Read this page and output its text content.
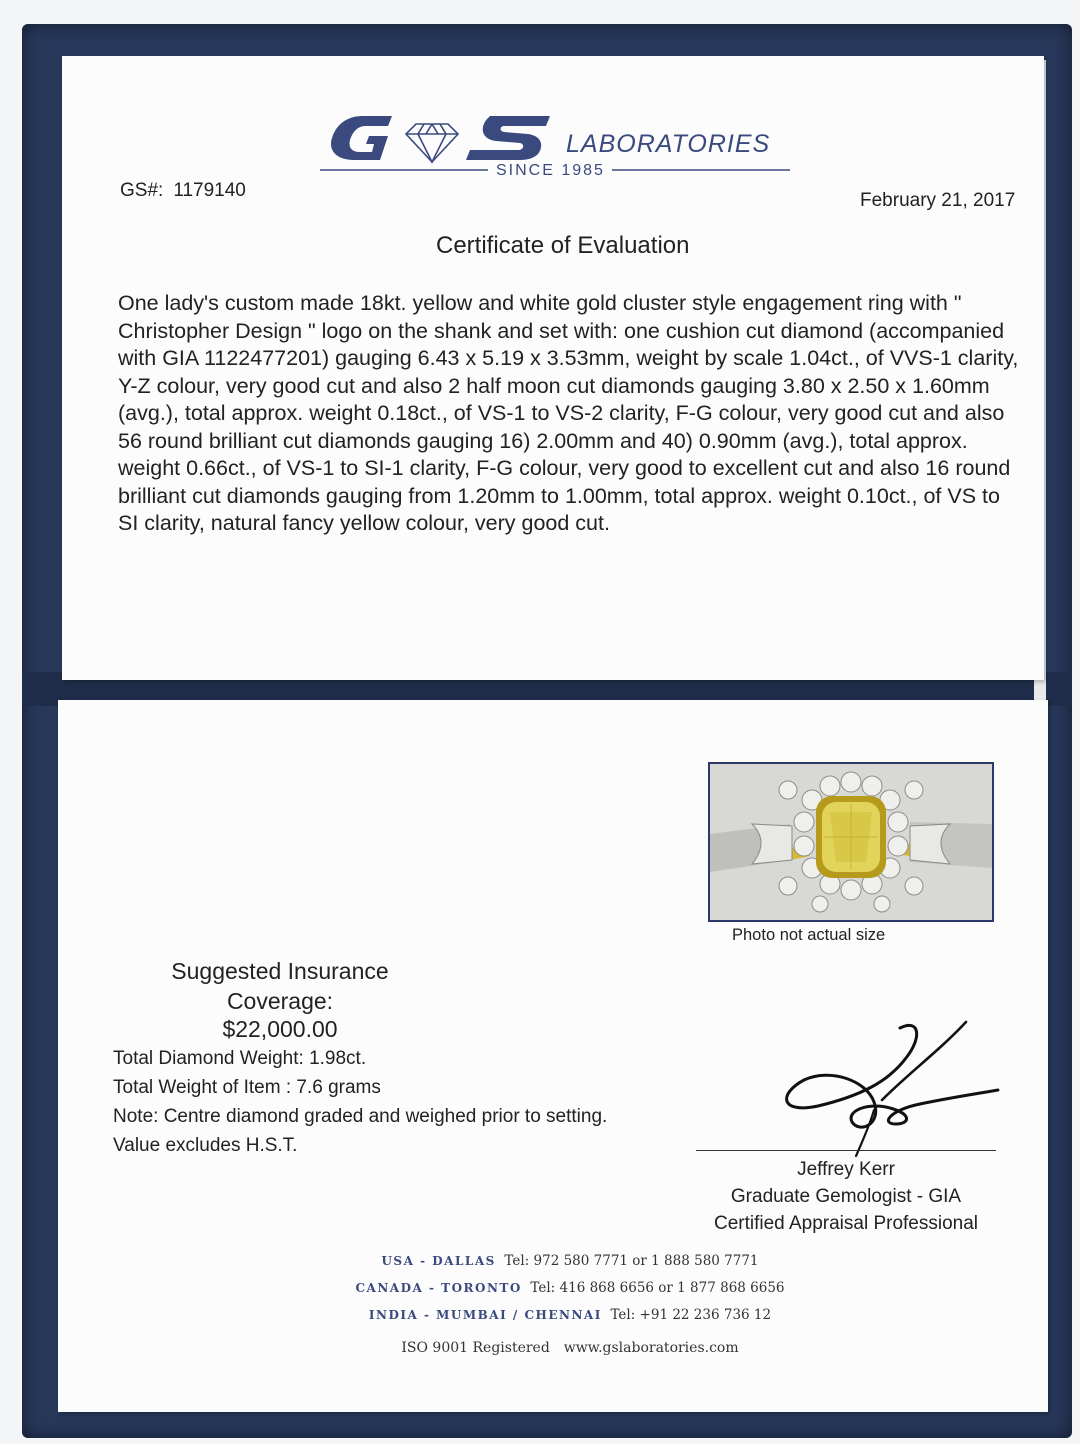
LABORATORIES
SINCE 1985
GS#: 1179140	February 21, 2017
Certificate of Evaluation
One lady's custom made 18kt. yellow and white gold cluster style engagement ring with " Christopher Design " logo on the shank and set with: one cushion cut diamond (accompanied with GIA 1122477201) gauging 6.43 x 5.19 x 3.53mm, weight by scale 1.04ct., of VVS-1 clarity, Y-Z colour, very good cut and also 2 half moon cut diamonds gauging 3.80 x 2.50 x 1.60mm (avg.), total approx. weight 0.18ct., of VS-1 to VS-2 clarity, F-G colour, very good cut and also 56 round brilliant cut diamonds gauging 16) 2.00mm and 40) 0.90mm (avg.), total approx. weight 0.66ct., of VS-1 to SI-1 clarity, F-G colour, very good to excellent cut and also 16 round brilliant cut diamonds gauging from 1.20mm to 1.00mm, total approx. weight 0.10ct., of VS to SI clarity, natural fancy yellow colour, very good cut.
Photo not actual size
Suggested Insurance
Coverage:
$22,000.00
Total Diamond Weight: 1.98ct.
Total Weight of Item : 7.6 grams
Note: Centre diamond graded and weighed prior to setting.
Value excludes H.S.T.
Jeffrey Kerr
Graduate Gemologist - GIA
Certified Appraisal Professional
USA - DALLAS Tel: 972 580 7771 or 1 888 580 7771
CANADA - TORONTO Tel: 416 868 6656 or 1 877 868 6656
INDIA - MUMBAI / CHENNAI Tel: +91 22 236 736 12
ISO 9001 Registered www.gslaboratories.com
